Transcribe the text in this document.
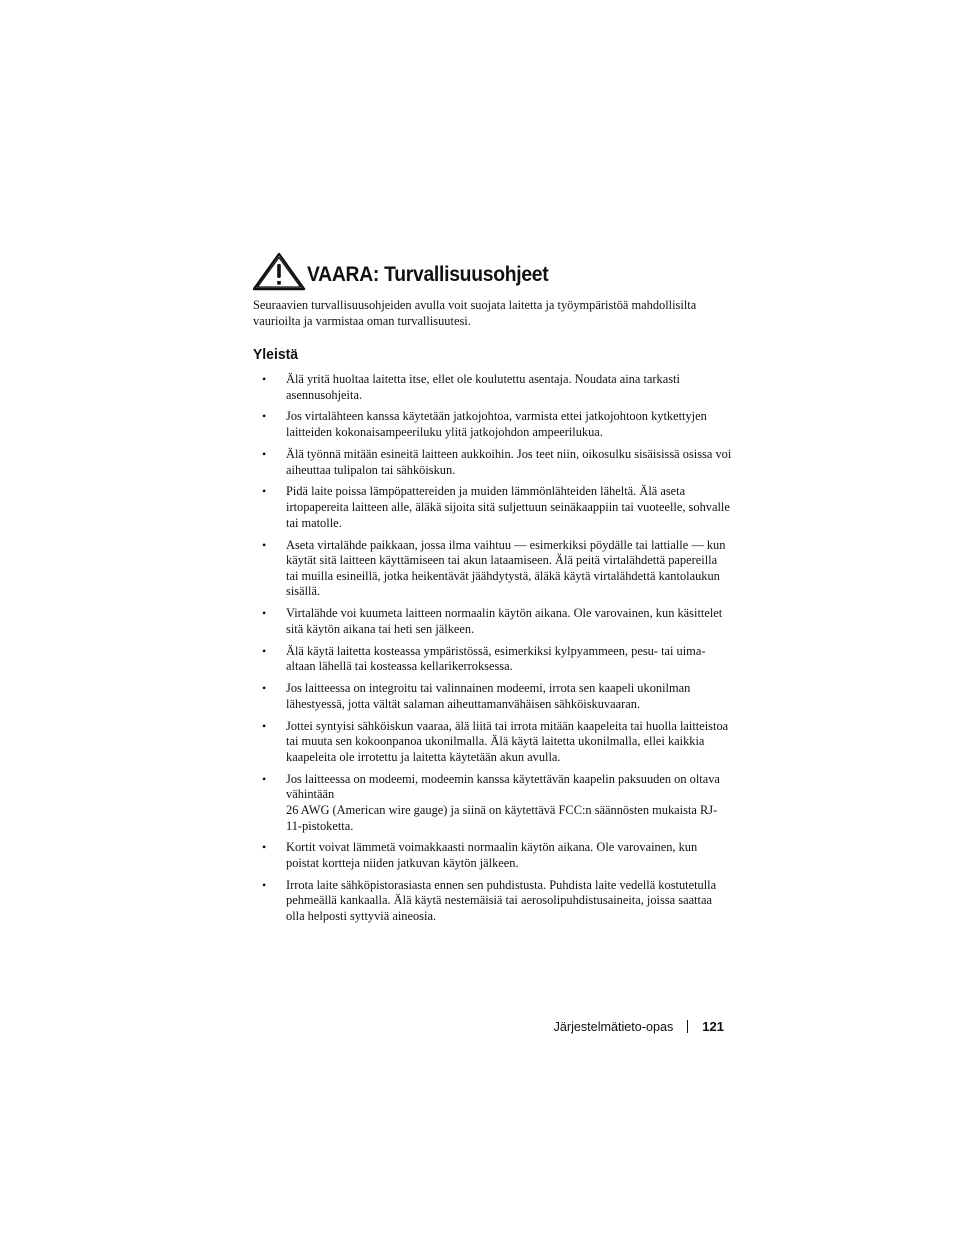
VAARA: Turvallisuusohjeet

Seuraavien turvallisuusohjeiden avulla voit suojata laitetta ja työympäristöä mahdollisilta vaurioilta ja varmistaa oman turvallisuutesi.

Yleistä
• Älä yritä huoltaa laitetta itse, ellet ole koulutettu asentaja. Noudata aina tarkasti asennusohjeita.
• Jos virtalähteen kanssa käytetään jatkojohtoa, varmista ettei jatkojohtoon kytkettyjen laitteiden kokonaisampeeriluku ylitä jatkojohdon ampeerilukua.
• Älä työnnä mitään esineitä laitteen aukkoihin. Jos teet niin, oikosulku sisäisissä osissa voi aiheuttaa tulipalon tai sähköiskun.
• Pidä laite poissa lämpöpattereiden ja muiden lämmönlähteiden läheltä. Älä aseta irtopapereita laitteen alle, äläkä sijoita sitä suljettuun seinäkaappiin tai vuoteelle, sohvalle tai matolle.
• Aseta virtalähde paikkaan, jossa ilma vaihtuu — esimerkiksi pöydälle tai lattialle — kun käytät sitä laitteen käyttämiseen tai akun lataamiseen. Älä peitä virtalähdettä papereilla tai muilla esineillä, jotka heikentävät jäähdytystä, äläkä käytä virtalähdettä kantolaukun sisällä.
• Virtalähde voi kuumeta laitteen normaalin käytön aikana. Ole varovainen, kun käsittelet sitä käytön aikana tai heti sen jälkeen.
• Älä käytä laitetta kosteassa ympäristössä, esimerkiksi kylpyammeen, pesu- tai uima-altaan lähellä tai kosteassa kellarikerroksessa.
• Jos laitteessa on integroitu tai valinnainen modeemi, irrota sen kaapeli ukonilman lähestyessä, jotta vältät salaman aiheuttamanvähäisen sähköiskuvaaran.
• Jottei syntyisi sähköiskun vaaraa, älä liitä tai irrota mitään kaapeleita tai huolla laitteistoa tai muuta sen kokoonpanoa ukonilmalla. Älä käytä laitetta ukonilmalla, ellei kaikkia kaapeleita ole irrotettu ja laitetta käytetään akun avulla.
• Jos laitteessa on modeemi, modeemin kanssa käytettävän kaapelin paksuuden on oltava vähintään
26 AWG (American wire gauge) ja siinä on käytettävä FCC:n säännösten mukaista RJ-11-pistoketta.
• Kortit voivat lämmetä voimakkaasti normaalin käytön aikana. Ole varovainen, kun poistat kortteja niiden jatkuvan käytön jälkeen.
• Irrota laite sähköpistorasiasta ennen sen puhdistusta. Puhdista laite vedellä kostutetulla pehmeällä kankaalla. Älä käytä nestemäisiä tai aerosolipuhdistusaineita, joissa saattaa olla helposti syttyviä aineosia.
Järjestelmätieto-opas 121
